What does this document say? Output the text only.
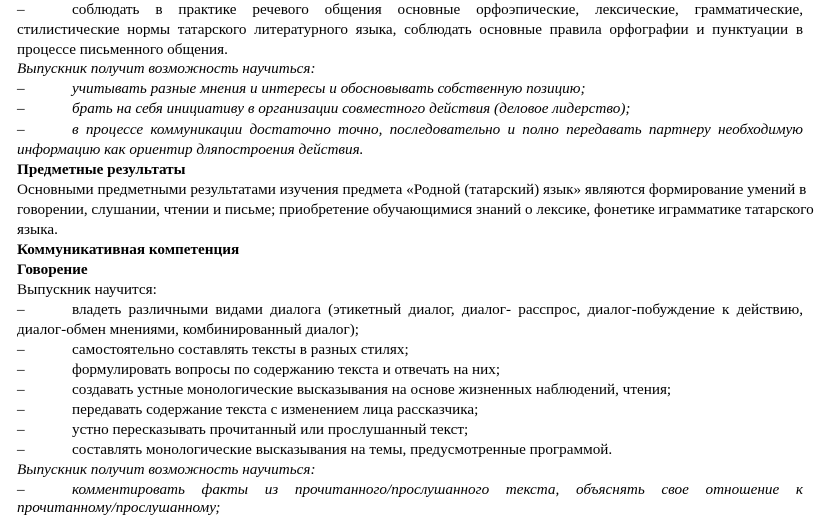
–	соблюдать в практике речевого общения основные орфоэпические, лексические, грамматические,
стилистические нормы татарского литературного языка, соблюдать основные правила орфографии и пунктуации в
процессе письменного общения.
Выпускник получит возможность научиться:
–	учитывать разные мнения и интересы и обосновывать собственную позицию;
–	брать на себя инициативу в организации совместного действия (деловое лидерство);
–	в процессе коммуникации достаточно точно, последовательно и полно передавать партнеру необходимую
информацию как ориентир дляпостроения действия.
Предметные результаты
Основными предметными результатами изучения предмета «Родной (татарский) язык» являются формирование умений в
говорении, слушании, чтении и письме; приобретение обучающимися знаний о лексике, фонетике играмматике татарского
языка.
Коммуникативная компетенция
Говорение
Выпускник научится:
–	владеть различными видами диалога (этикетный диалог, диалог- расспрос, диалог-побуждение к действию,
диалог-обмен мнениями, комбинированный диалог);
–	самостоятельно составлять тексты в разных стилях;
–	формулировать вопросы по содержанию текста и отвечать на них;
–	создавать устные монологические высказывания на основе жизненных наблюдений, чтения;
–	передавать содержание текста с изменением лица рассказчика;
–	устно пересказывать прочитанный или прослушанный текст;
–	составлять монологические высказывания на темы, предусмотренные программой.
Выпускник получит возможность научиться:
–	комментировать факты из прочитанного/прослушанного текста, объяснять свое отношение к
прочитанному/прослушанному;
